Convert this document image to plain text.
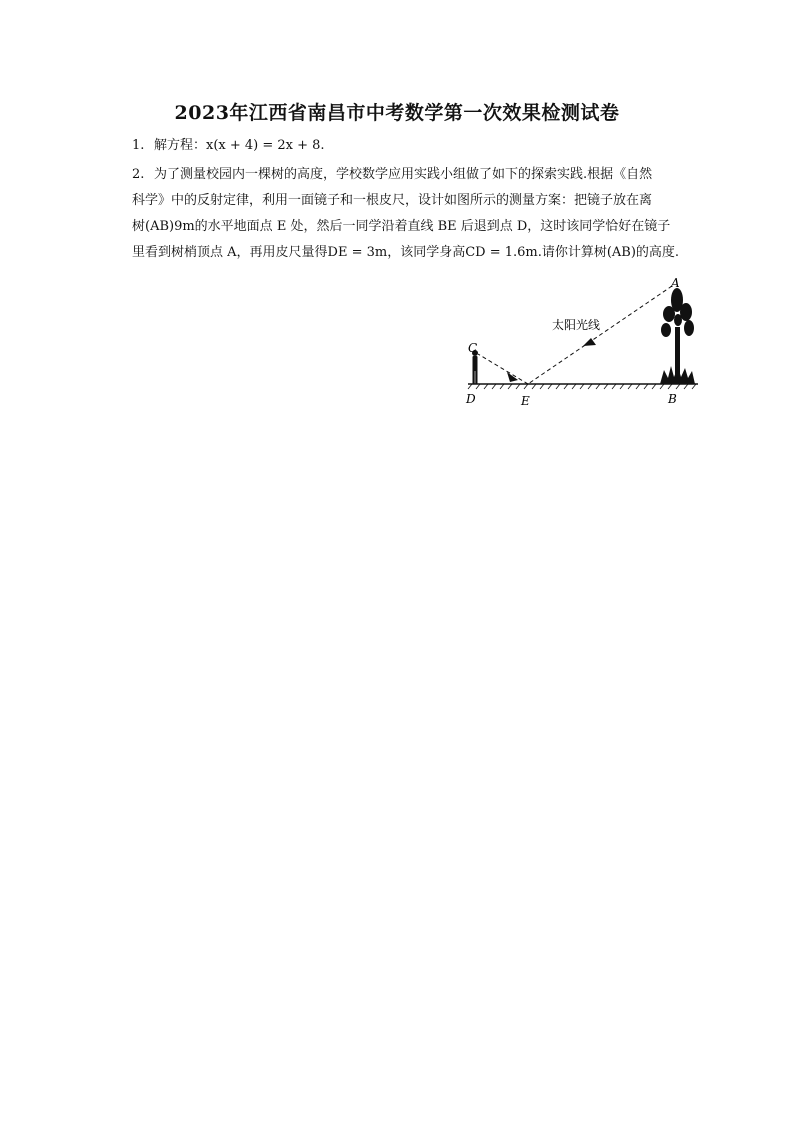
2023年江西省南昌市中考数学第一次效果检测试卷
1. 解方程：x(x + 4) = 2x + 8.
2. 为了测量校园内一棵树的高度，学校数学应用实践小组做了如下的探索实践.根据《自然
科学》中的反射定律，利用一面镜子和一根皮尺，设计如图所示的测量方案：把镜子放在离
树(AB)9m的水平地面点 E 处，然后一同学沿着直线 BE 后退到点 D，这时该同学恰好在镜子
里看到树梢顶点 A，再用皮尺量得DE = 3m，该同学身高CD = 1.6m.请你计算树(AB)的高度.
太阳光线
A
C
D	E	B
